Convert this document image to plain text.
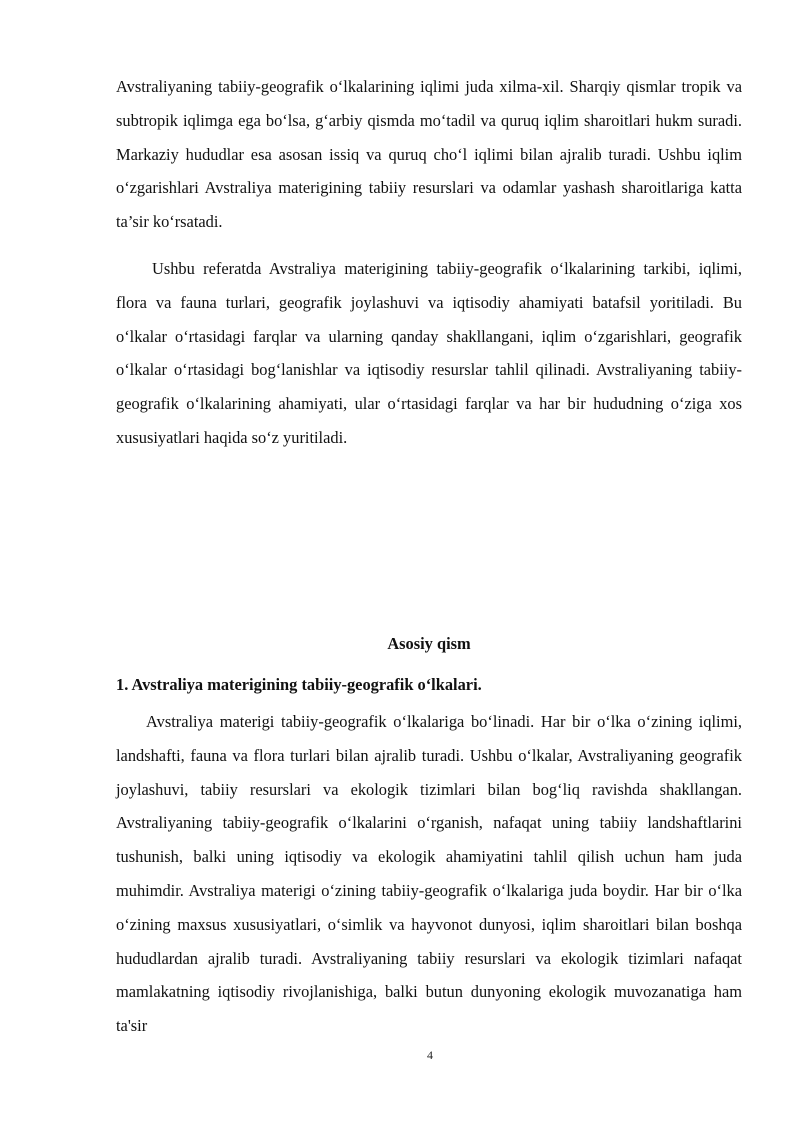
Avstraliyaning tabiiy-geografik o‘lkalarining iqlimi juda xilma-xil. Sharqiy qismlar tropik va subtropik iqlimga ega bo‘lsa, g‘arbiy qismda mo‘tadil va quruq iqlim sharoitlari hukm suradi. Markaziy hududlar esa asosan issiq va quruq cho‘l iqlimi bilan ajralib turadi. Ushbu iqlim o‘zgarishlari Avstraliya materigining tabiiy resurslari va odamlar yashash sharoitlariga katta ta’sir ko‘rsatadi.

Ushbu referatda Avstraliya materigining tabiiy-geografik o‘lkalarining tarkibi, iqlimi, flora va fauna turlari, geografik joylashuvi va iqtisodiy ahamiyati batafsil yoritiladi. Bu o‘lkalar o‘rtasidagi farqlar va ularning qanday shakllangani, iqlim o‘zgarishlari, geografik o‘lkalar o‘rtasidagi bog‘lanishlar va iqtisodiy resurslar tahlil qilinadi. Avstraliyaning tabiiy-geografik o‘lkalarining ahamiyati, ular o‘rtasidagi farqlar va har bir hududning o‘ziga xos xususiyatlari haqida so‘z yuritiladi.

Asosiy qism
1. Avstraliya materigining tabiiy-geografik o‘lkalari.

Avstraliya materigi tabiiy-geografik o‘lkalariga bo‘linadi. Har bir o‘lka o‘zining iqlimi, landshafti, fauna va flora turlari bilan ajralib turadi. Ushbu o‘lkalar, Avstraliyaning geografik joylashuvi, tabiiy resurslari va ekologik tizimlari bilan bog‘liq ravishda shakllangan. Avstraliyaning tabiiy-geografik o‘lkalarini o‘rganish, nafaqat uning tabiiy landshaftlarini tushunish, balki uning iqtisodiy va ekologik ahamiyatini tahlil qilish uchun ham juda muhimdir. Avstraliya materigi o‘zining tabiiy-geografik o‘lkalariga juda boydir. Har bir o‘lka o‘zining maxsus xususiyatlari, o‘simlik va hayvonot dunyosi, iqlim sharoitlari bilan boshqa hududlardan ajralib turadi. Avstraliyaning tabiiy resurslari va ekologik tizimlari nafaqat mamlakatning iqtisodiy rivojlanishiga, balki butun dunyoning ekologik muvozanatiga ham ta'sir

4
